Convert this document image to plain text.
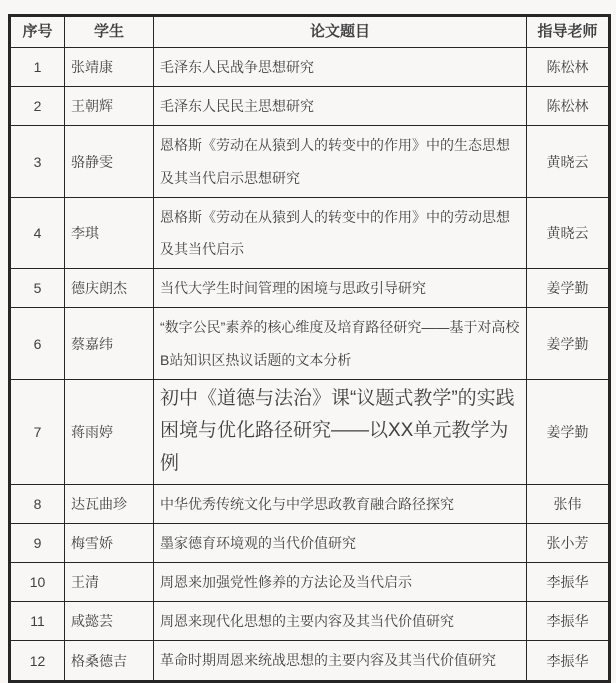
序号	学生	论文题目	指导老师
1	张靖康	毛泽东人民战争思想研究	陈松林
2	王朝辉	毛泽东人民民主思想研究	陈松林
3	骆静雯	恩格斯《劳动在从猿到人的转变中的作用》中的生态思想及其当代启示思想研究	黄晓云
4	李琪	恩格斯《劳动在从猿到人的转变中的作用》中的劳动思想及其当代启示	黄晓云
5	德庆朗杰	当代大学生时间管理的困境与思政引导研究	姜学勤
6	蔡嘉纬	“数字公民”素养的核心维度及培育路径研究——基于对高校B站知识区热议话题的文本分析	姜学勤
7	蒋雨婷	初中《道德与法治》课“议题式教学”的实践困境与优化路径研究——以XX单元教学为例	姜学勤
8	达瓦曲珍	中华优秀传统文化与中学思政教育融合路径探究	张伟
9	梅雪娇	墨家德育环境观的当代价值研究	张小芳
10	王清	周恩来加强党性修养的方法论及当代启示	李振华
11	咸懿芸	周恩来现代化思想的主要内容及其当代价值研究	李振华
12	格桑德吉	革命时期周恩来统战思想的主要内容及其当代价值研究	李振华
